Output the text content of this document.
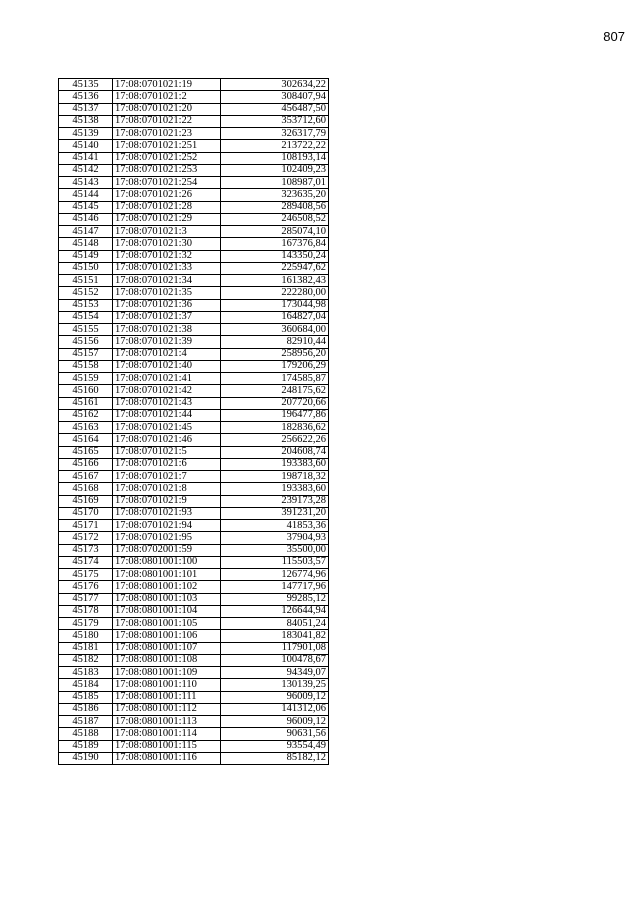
807
45135	17:08:0701021:19	302634,22
45136	17:08:0701021:2	308407,94
45137	17:08:0701021:20	456487,50
45138	17:08:0701021:22	353712,60
45139	17:08:0701021:23	326317,79
45140	17:08:0701021:251	213722,22
45141	17:08:0701021:252	108193,14
45142	17:08:0701021:253	102409,23
45143	17:08:0701021:254	108987,01
45144	17:08:0701021:26	323635,20
45145	17:08:0701021:28	289408,56
45146	17:08:0701021:29	246508,52
45147	17:08:0701021:3	285074,10
45148	17:08:0701021:30	167376,84
45149	17:08:0701021:32	143350,24
45150	17:08:0701021:33	225947,62
45151	17:08:0701021:34	161382,43
45152	17:08:0701021:35	222280,00
45153	17:08:0701021:36	173044,98
45154	17:08:0701021:37	164827,04
45155	17:08:0701021:38	360684,00
45156	17:08:0701021:39	82910,44
45157	17:08:0701021:4	258956,20
45158	17:08:0701021:40	179206,29
45159	17:08:0701021:41	174585,87
45160	17:08:0701021:42	248175,62
45161	17:08:0701021:43	207720,66
45162	17:08:0701021:44	196477,86
45163	17:08:0701021:45	182836,62
45164	17:08:0701021:46	256622,26
45165	17:08:0701021:5	204608,74
45166	17:08:0701021:6	193383,60
45167	17:08:0701021:7	198718,32
45168	17:08:0701021:8	193383,60
45169	17:08:0701021:9	239173,28
45170	17:08:0701021:93	391231,20
45171	17:08:0701021:94	41853,36
45172	17:08:0701021:95	37904,93
45173	17:08:0702001:59	35500,00
45174	17:08:0801001:100	115503,57
45175	17:08:0801001:101	126774,96
45176	17:08:0801001:102	147717,96
45177	17:08:0801001:103	99285,12
45178	17:08:0801001:104	126644,94
45179	17:08:0801001:105	84051,24
45180	17:08:0801001:106	183041,82
45181	17:08:0801001:107	117901,08
45182	17:08:0801001:108	100478,67
45183	17:08:0801001:109	94349,07
45184	17:08:0801001:110	130139,25
45185	17:08:0801001:111	96009,12
45186	17:08:0801001:112	141312,06
45187	17:08:0801001:113	96009,12
45188	17:08:0801001:114	90631,56
45189	17:08:0801001:115	93554,49
45190	17:08:0801001:116	85182,12
